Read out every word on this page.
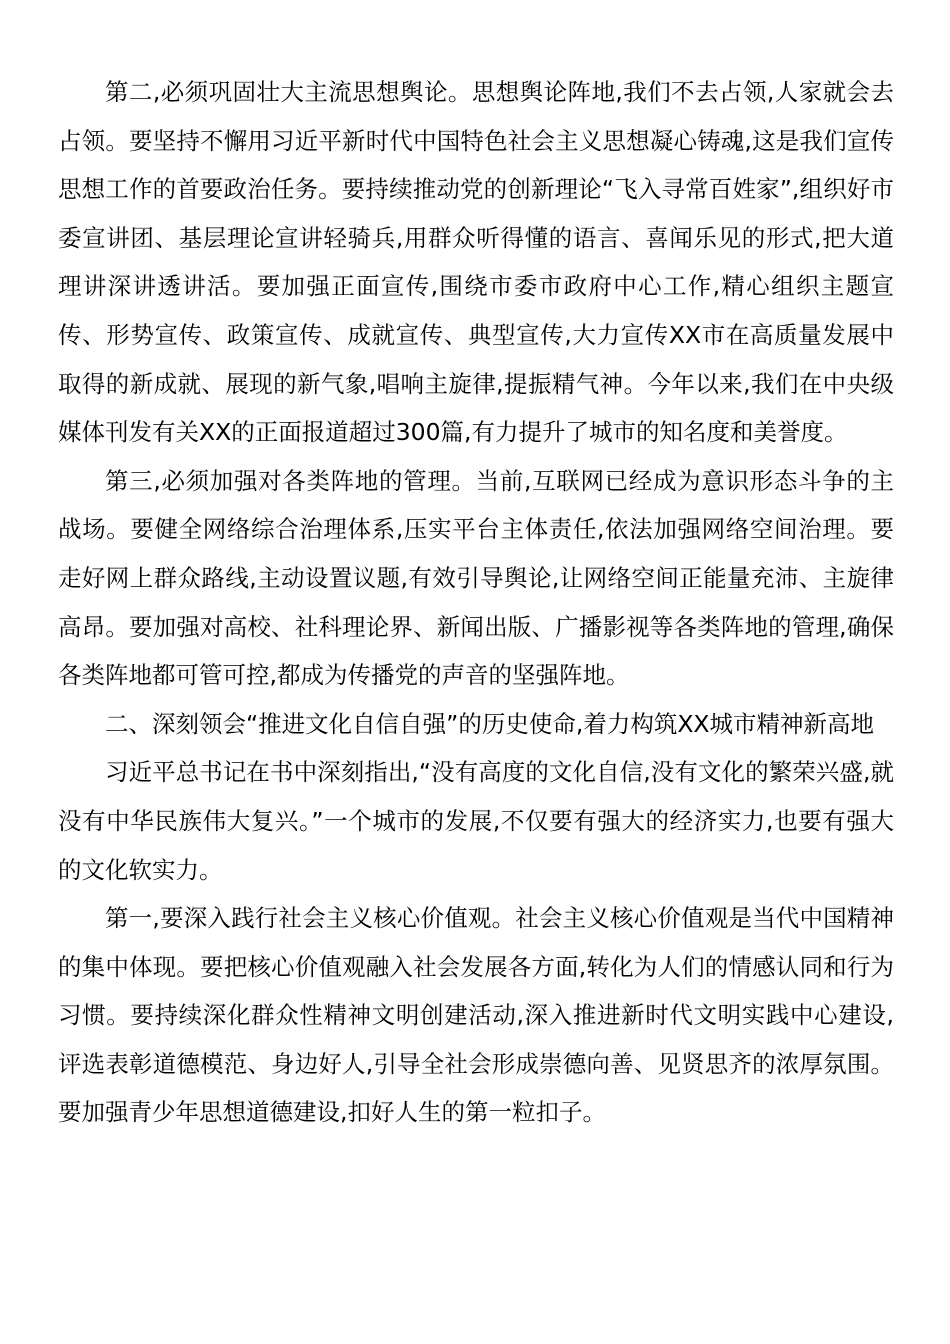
第二,必须巩固壮大主流思想舆论。思想舆论阵地,我们不去占领,人家就会去占领。要坚持不懈用习近平新时代中国特色社会主义思想凝心铸魂,这是我们宣传思想工作的首要政治任务。要持续推动党的创新理论“飞入寻常百姓家”,组织好市委宣讲团、基层理论宣讲轻骑兵,用群众听得懂的语言、喜闻乐见的形式,把大道理讲深讲透讲活。要加强正面宣传,围绕市委市政府中心工作,精心组织主题宣传、形势宣传、政策宣传、成就宣传、典型宣传,大力宣传XX市在高质量发展中取得的新成就、展现的新气象,唱响主旋律,提振精气神。今年以来,我们在中央级媒体刊发有关XX的正面报道超过300篇,有力提升了城市的知名度和美誉度。

第三,必须加强对各类阵地的管理。当前,互联网已经成为意识形态斗争的主战场。要健全网络综合治理体系,压实平台主体责任,依法加强网络空间治理。要走好网上群众路线,主动设置议题,有效引导舆论,让网络空间正能量充沛、主旋律高昂。要加强对高校、社科理论界、新闻出版、广播影视等各类阵地的管理,确保各类阵地都可管可控,都成为传播党的声音的坚强阵地。

二、深刻领会“推进文化自信自强”的历史使命,着力构筑XX城市精神新高地

习近平总书记在书中深刻指出,“没有高度的文化自信,没有文化的繁荣兴盛,就没有中华民族伟大复兴。”一个城市的发展,不仅要有强大的经济实力,也要有强大的文化软实力。

第一,要深入践行社会主义核心价值观。社会主义核心价值观是当代中国精神的集中体现。要把核心价值观融入社会发展各方面,转化为人们的情感认同和行为习惯。要持续深化群众性精神文明创建活动,深入推进新时代文明实践中心建设,评选表彰道德模范、身边好人,引导全社会形成崇德向善、见贤思齐的浓厚氛围。要加强青少年思想道德建设,扣好人生的第一粒扣子。
